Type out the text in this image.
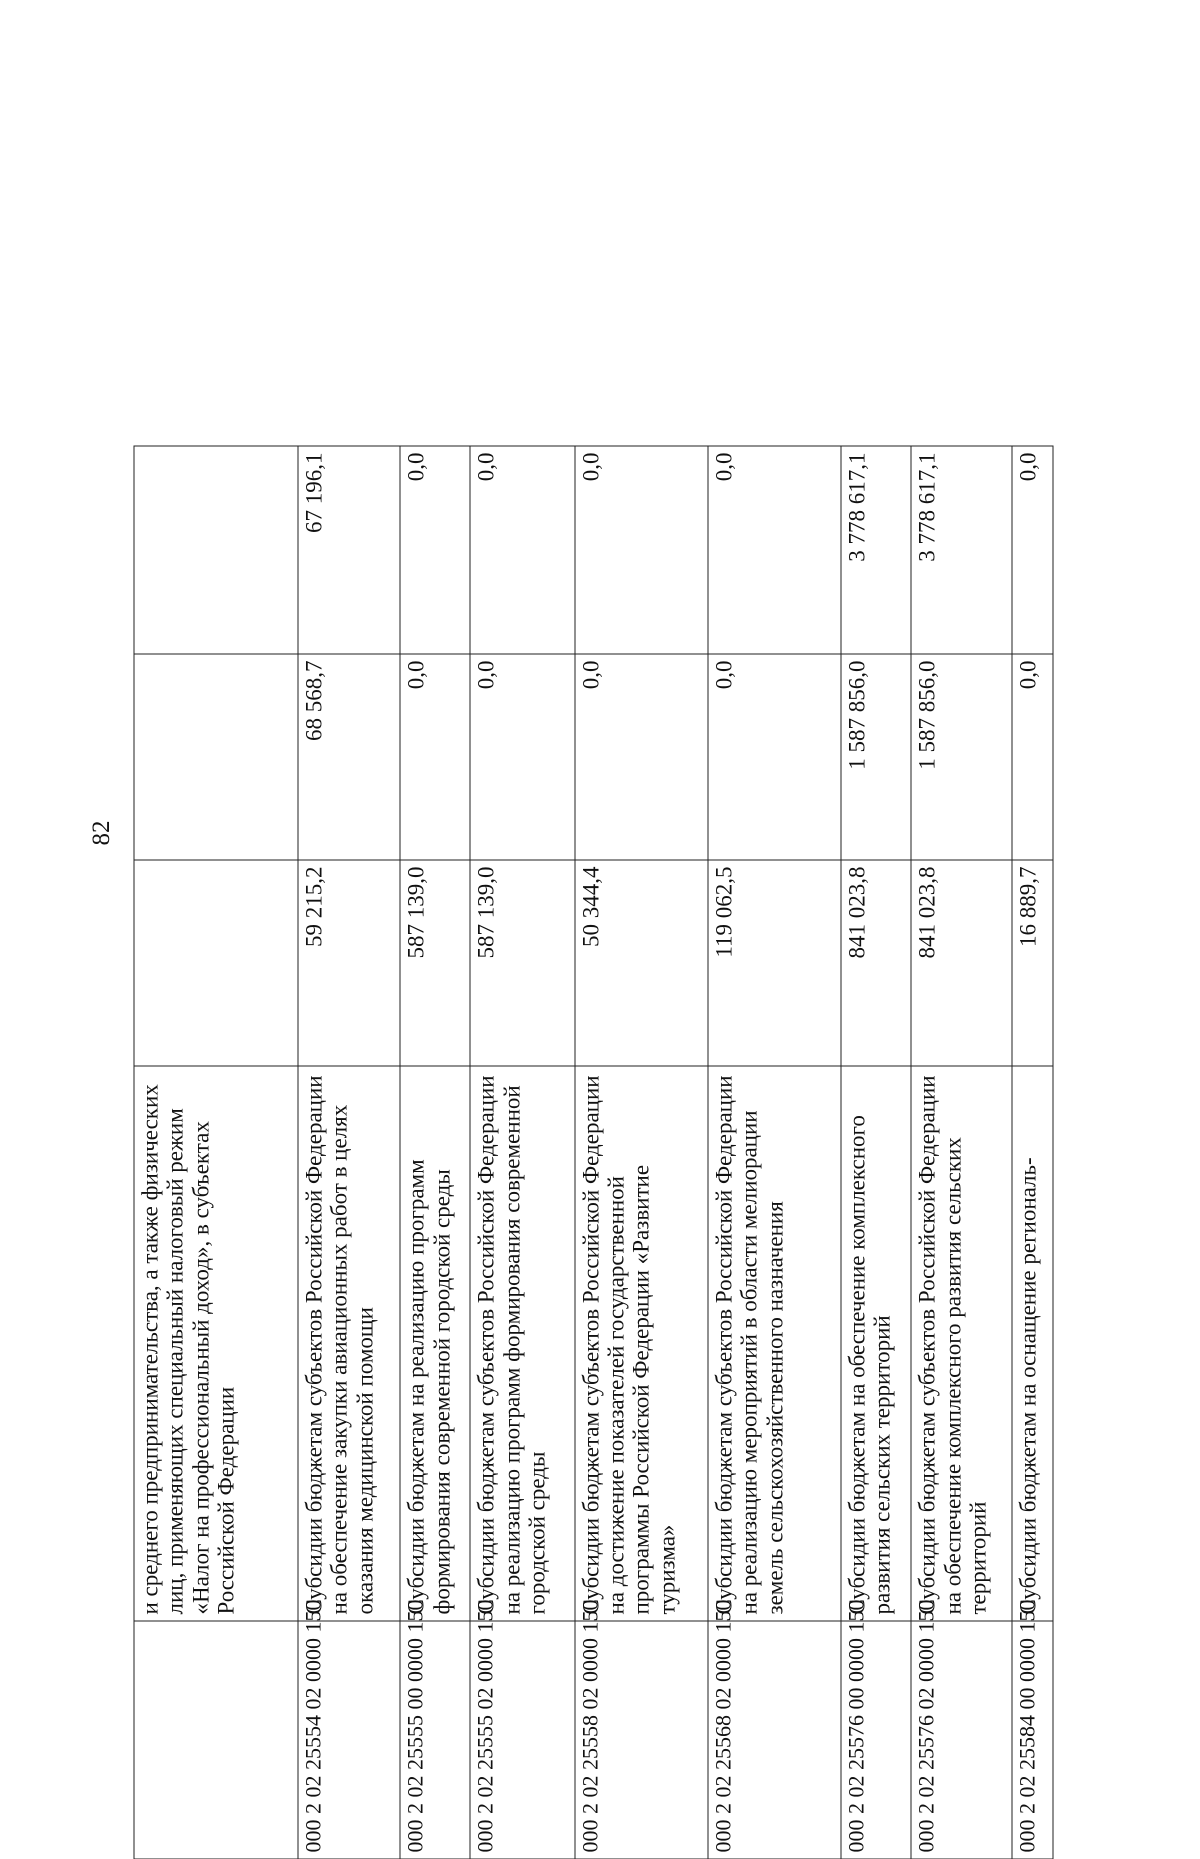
82
	и среднего предпринимательства, а также физических лиц, применяющих специальный налоговый режим «Налог на профессиональный доход», в субъектах Российской Федерации			
000 2 02 25554 02 0000 150	Субсидии бюджетам субъектов Российской Федерации на обеспечение закупки авиационных работ в целях оказания медицинской помощи	59 215,2	68 568,7	67 196,1
000 2 02 25555 00 0000 150	Субсидии бюджетам на реализацию программ формирования современной городской среды	587 139,0	0,0	0,0
000 2 02 25555 02 0000 150	Субсидии бюджетам субъектов Российской Федерации на реализацию программ формирования современной городской среды	587 139,0	0,0	0,0
000 2 02 25558 02 0000 150	Субсидии бюджетам субъектов Российской Федерации на достижение показателей государственной программы Российской Федерации «Развитие туризма»	50 344,4	0,0	0,0
000 2 02 25568 02 0000 150	Субсидии бюджетам субъектов Российской Федерации на реализацию мероприятий в области мелиорации земель сельскохозяйственного назначения	119 062,5	0,0	0,0
000 2 02 25576 00 0000 150	Субсидии бюджетам на обеспечение комплексного развития сельских территорий	841 023,8	1 587 856,0	3 778 617,1
000 2 02 25576 02 0000 150	Субсидии бюджетам субъектов Российской Федерации на обеспечение комплексного развития сельских территорий	841 023,8	1 587 856,0	3 778 617,1
000 2 02 25584 00 0000 150	Субсидии бюджетам на оснащение региональ-	16 889,7	0,0	0,0
